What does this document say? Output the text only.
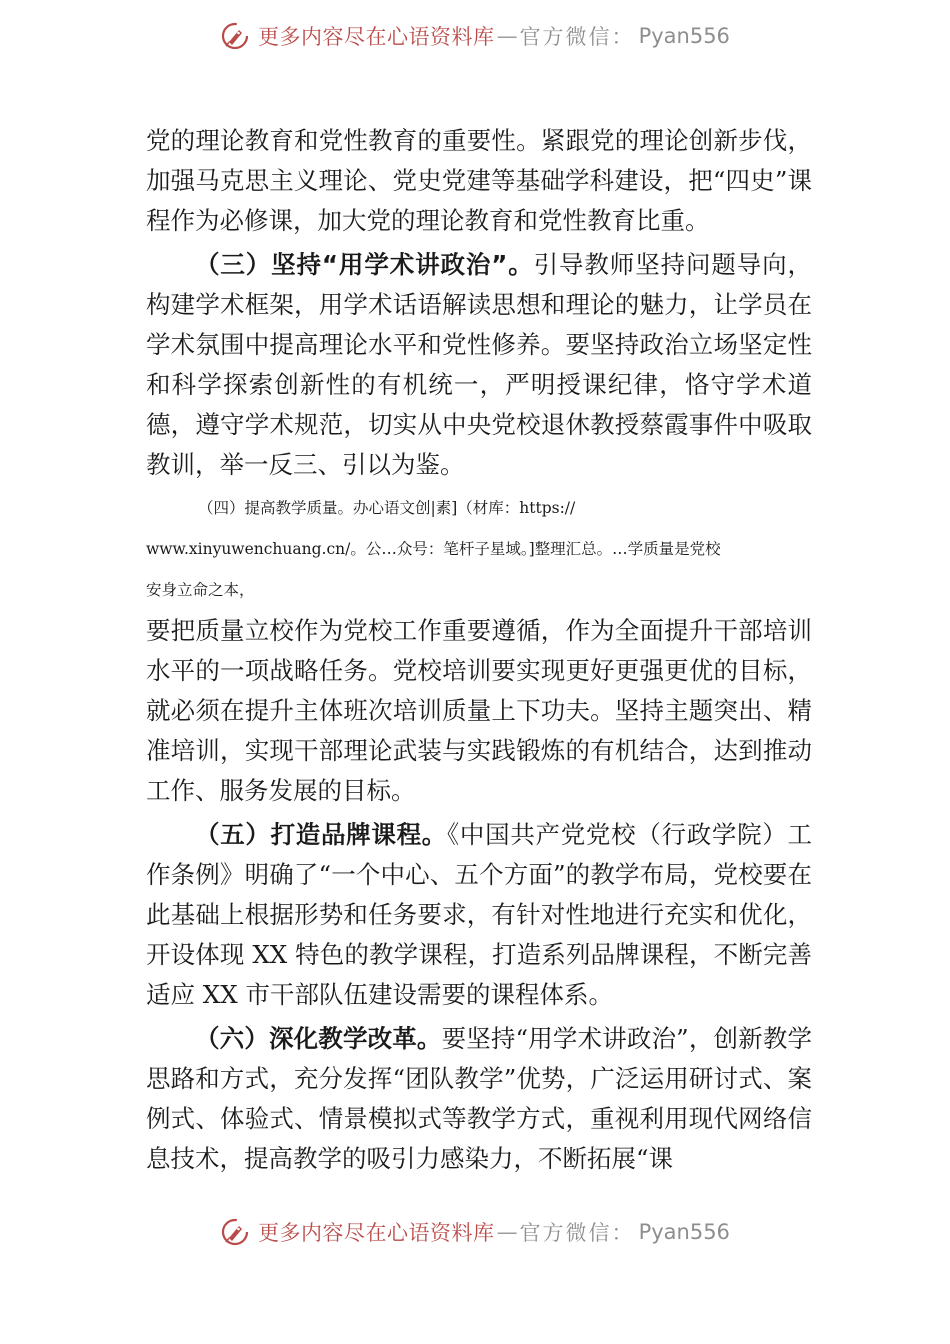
更多内容尽在心语资料库 — 官方微信： Pyan556

党的理论教育和党性教育的重要性。紧跟党的理论创新步伐，加强马克思主义理论、党史党建等基础学科建设，把“四史”课程作为必修课，加大党的理论教育和党性教育比重。

（三）坚持“用学术讲政治”。引导教师坚持问题导向，构建学术框架，用学术话语解读思想和理论的魅力，让学员在学术氛围中提高理论水平和党性修养。要坚持政治立场坚定性和科学探索创新性的有机统一，严明授课纪律，恪守学术道德，遵守学术规范，切实从中央党校退休教授蔡霞事件中吸取教训，举一反三、引以为鉴。

（四）提高教学质量。办心语文创|素]（材库：https://
www.xinyuwenchuang.cn/。公…众号：笔杆子星域。]整理汇总。…学质量是党校
安身立命之本，

要把质量立校作为党校工作重要遵循，作为全面提升干部培训水平的一项战略任务。党校培训要实现更好更强更优的目标，就必须在提升主体班次培训质量上下功夫。坚持主题突出、精准培训，实现干部理论武装与实践锻炼的有机结合，达到推动工作、服务发展的目标。

（五）打造品牌课程。《中国共产党党校（行政学院）工作条例》明确了“一个中心、五个方面”的教学布局，党校要在此基础上根据形势和任务要求，有针对性地进行充实和优化，开设体现 XX 特色的教学课程，打造系列品牌课程，不断完善适应 XX 市干部队伍建设需要的课程体系。

（六）深化教学改革。要坚持“用学术讲政治”，创新教学思路和方式，充分发挥“团队教学”优势，广泛运用研讨式、案例式、体验式、情景模拟式等教学方式，重视利用现代网络信息技术，提高教学的吸引力感染力，不断拓展“课

更多内容尽在心语资料库 — 官方微信： Pyan556
